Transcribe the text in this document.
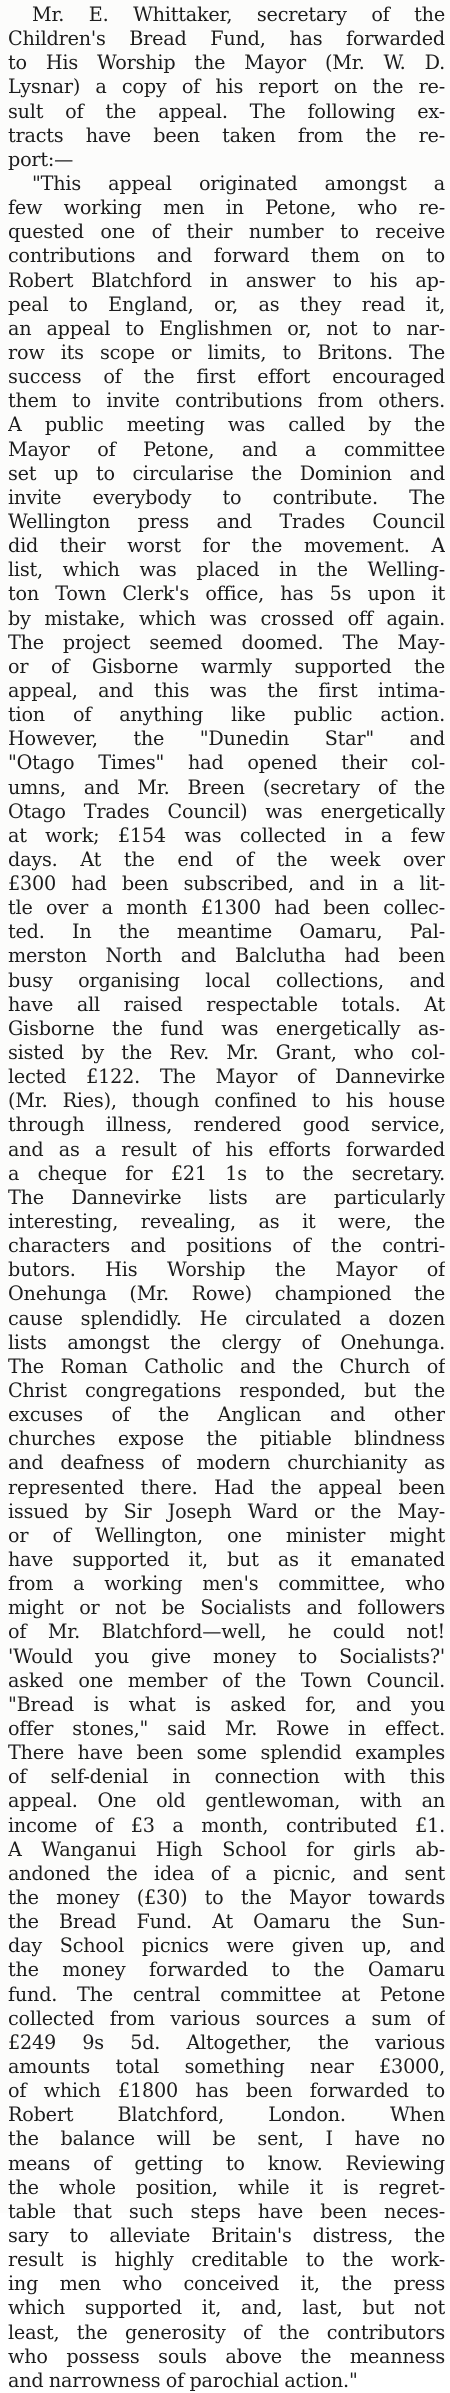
Mr. E. Whittaker, secretary of the
Children's Bread Fund, has forwarded
to His Worship the Mayor (Mr. W. D.
Lysnar) a copy of his report on the re-
sult of the appeal. The following ex-
tracts have been taken from the re-
port:—
"This appeal originated amongst a
few working men in Petone, who re-
quested one of their number to receive
contributions and forward them on to
Robert Blatchford in answer to his ap-
peal to England, or, as they read it,
an appeal to Englishmen or, not to nar-
row its scope or limits, to Britons. The
success of the first effort encouraged
them to invite contributions from others.
A public meeting was called by the
Mayor of Petone, and a committee
set up to circularise the Dominion and
invite everybody to contribute. The
Wellington press and Trades Council
did their worst for the movement. A
list, which was placed in the Welling-
ton Town Clerk's office, has 5s upon it
by mistake, which was crossed off again.
The project seemed doomed. The May-
or of Gisborne warmly supported the
appeal, and this was the first intima-
tion of anything like public action.
However, the "Dunedin Star" and
"Otago Times" had opened their col-
umns, and Mr. Breen (secretary of the
Otago Trades Council) was energetically
at work; £154 was collected in a few
days. At the end of the week over
£300 had been subscribed, and in a lit-
tle over a month £1300 had been collec-
ted. In the meantime Oamaru, Pal-
merston North and Balclutha had been
busy organising local collections, and
have all raised respectable totals. At
Gisborne the fund was energetically as-
sisted by the Rev. Mr. Grant, who col-
lected £122. The Mayor of Dannevirke
(Mr. Ries), though confined to his house
through illness, rendered good service,
and as a result of his efforts forwarded
a cheque for £21 1s to the secretary.
The Dannevirke lists are particularly
interesting, revealing, as it were, the
characters and positions of the contri-
butors. His Worship the Mayor of
Onehunga (Mr. Rowe) championed the
cause splendidly. He circulated a dozen
lists amongst the clergy of Onehunga.
The Roman Catholic and the Church of
Christ congregations responded, but the
excuses of the Anglican and other
churches expose the pitiable blindness
and deafness of modern churchianity as
represented there. Had the appeal been
issued by Sir Joseph Ward or the May-
or of Wellington, one minister might
have supported it, but as it emanated
from a working men's committee, who
might or not be Socialists and followers
of Mr. Blatchford—well, he could not!
'Would you give money to Socialists?'
asked one member of the Town Council.
"Bread is what is asked for, and you
offer stones," said Mr. Rowe in effect.
There have been some splendid examples
of self-denial in connection with this
appeal. One old gentlewoman, with an
income of £3 a month, contributed £1.
A Wanganui High School for girls ab-
andoned the idea of a picnic, and sent
the money (£30) to the Mayor towards
the Bread Fund. At Oamaru the Sun-
day School picnics were given up, and
the money forwarded to the Oamaru
fund. The central committee at Petone
collected from various sources a sum of
£249 9s 5d. Altogether, the various
amounts total something near £3000,
of which £1800 has been forwarded to
Robert Blatchford, London. When
the balance will be sent, I have no
means of getting to know. Reviewing
the whole position, while it is regret-
table that such steps have been neces-
sary to alleviate Britain's distress, the
result is highly creditable to the work-
ing men who conceived it, the press
which supported it, and, last, but not
least, the generosity of the contributors
who possess souls above the meanness
and narrowness of parochial action."
